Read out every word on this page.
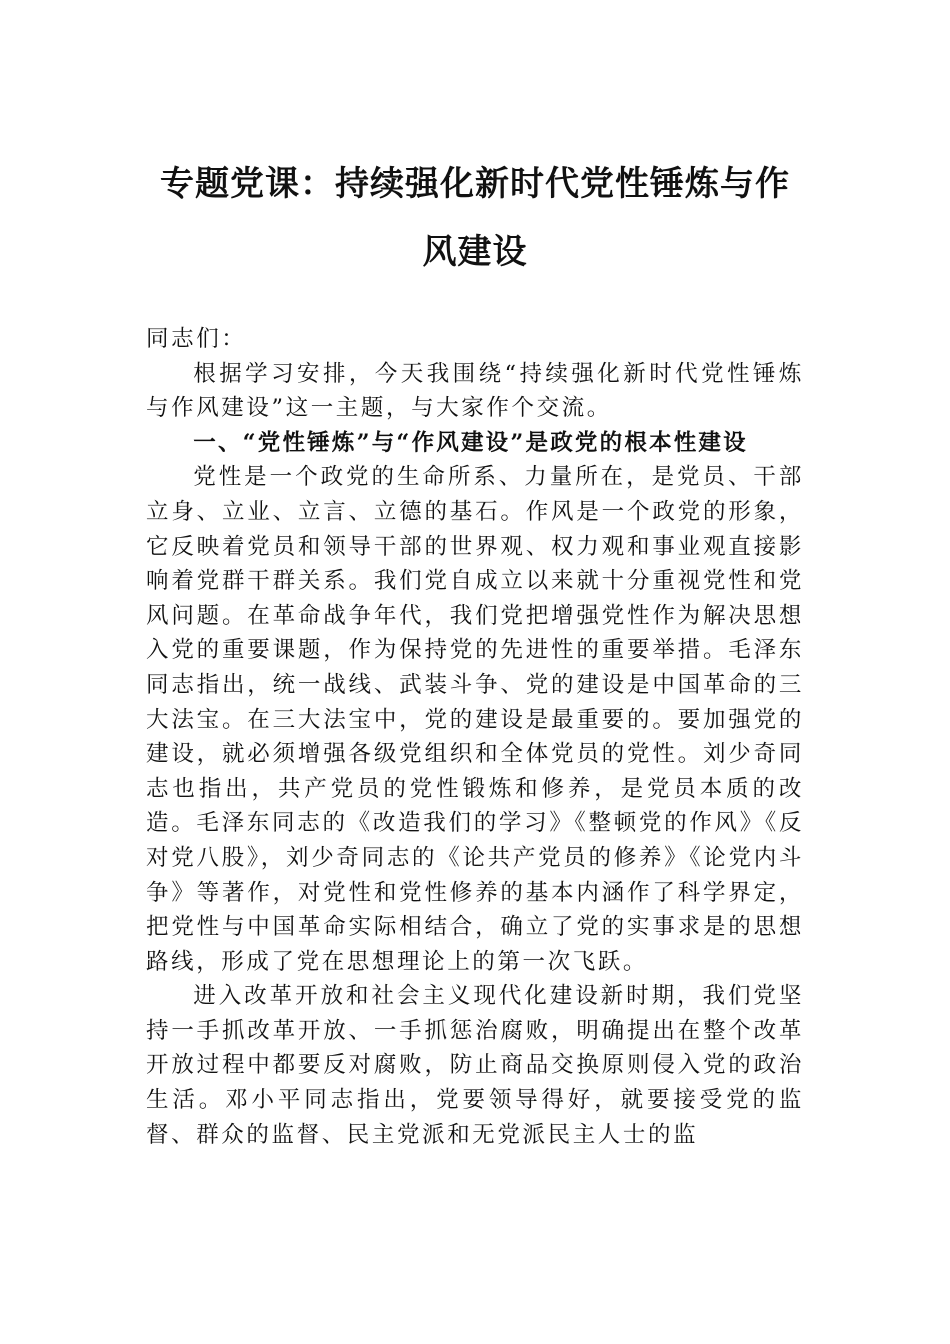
专题党课：持续强化新时代党性锤炼与作风建设

同志们：

根据学习安排，今天我围绕“持续强化新时代党性锤炼与作风建设”这一主题，与大家作个交流。

一、“党性锤炼”与“作风建设”是政党的根本性建设

党性是一个政党的生命所系、力量所在，是党员、干部立身、立业、立言、立德的基石。作风是一个政党的形象，它反映着党员和领导干部的世界观、权力观和事业观直接影响着党群干群关系。我们党自成立以来就十分重视党性和党风问题。在革命战争年代，我们党把增强党性作为解决思想入党的重要课题，作为保持党的先进性的重要举措。毛泽东同志指出，统一战线、武装斗争、党的建设是中国革命的三大法宝。在三大法宝中，党的建设是最重要的。要加强党的建设，就必须增强各级党组织和全体党员的党性。刘少奇同志也指出，共产党员的党性锻炼和修养，是党员本质的改造。毛泽东同志的《改造我们的学习》《整顿党的作风》《反对党八股》，刘少奇同志的《论共产党员的修养》《论党内斗争》等著作，对党性和党性修养的基本内涵作了科学界定，把党性与中国革命实际相结合，确立了党的实事求是的思想路线，形成了党在思想理论上的第一次飞跃。

进入改革开放和社会主义现代化建设新时期，我们党坚持一手抓改革开放、一手抓惩治腐败，明确提出在整个改革开放过程中都要反对腐败，防止商品交换原则侵入党的政治生活。邓小平同志指出，党要领导得好，就要接受党的监督、群众的监督、民主党派和无党派民主人士的监
